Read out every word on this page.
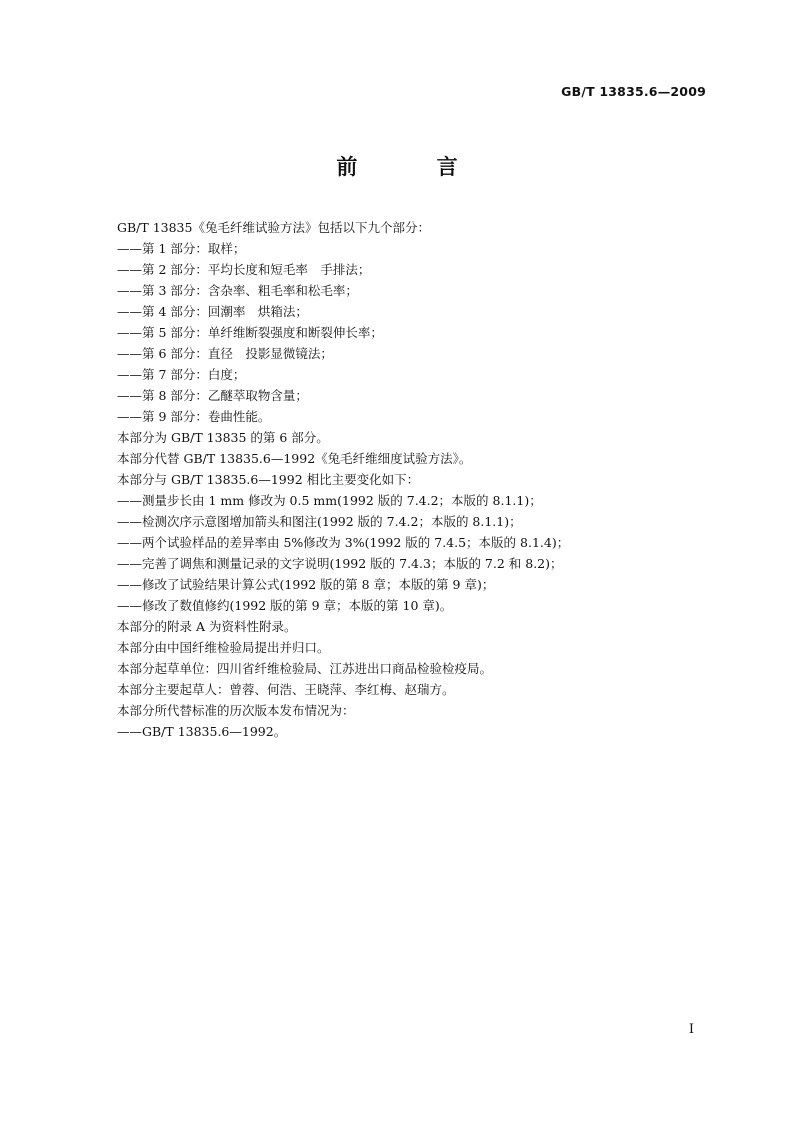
GB/T 13835.6—2009
前 言
GB/T 13835《兔毛纤维试验方法》包括以下九个部分：
——第 1 部分：取样；
——第 2 部分：平均长度和短毛率　手排法；
——第 3 部分：含杂率、粗毛率和松毛率；
——第 4 部分：回潮率　烘箱法；
——第 5 部分：单纤维断裂强度和断裂伸长率；
——第 6 部分：直径　投影显微镜法；
——第 7 部分：白度；
——第 8 部分：乙醚萃取物含量；
——第 9 部分：卷曲性能。
本部分为 GB/T 13835 的第 6 部分。
本部分代替 GB/T 13835.6—1992《兔毛纤维细度试验方法》。
本部分与 GB/T 13835.6—1992 相比主要变化如下：
——测量步长由 1 mm 修改为 0.5 mm(1992 版的 7.4.2；本版的 8.1.1)；
——检测次序示意图增加箭头和图注(1992 版的 7.4.2；本版的 8.1.1)；
——两个试验样品的差异率由 5%修改为 3%(1992 版的 7.4.5；本版的 8.1.4)；
——完善了调焦和测量记录的文字说明(1992 版的 7.4.3；本版的 7.2 和 8.2)；
——修改了试验结果计算公式(1992 版的第 8 章；本版的第 9 章)；
——修改了数值修约(1992 版的第 9 章；本版的第 10 章)。
本部分的附录 A 为资料性附录。
本部分由中国纤维检验局提出并归口。
本部分起草单位：四川省纤维检验局、江苏进出口商品检验检疫局。
本部分主要起草人：曾蓉、何浩、王晓萍、李红梅、赵瑞方。
本部分所代替标准的历次版本发布情况为：
——GB/T 13835.6—1992。
I
